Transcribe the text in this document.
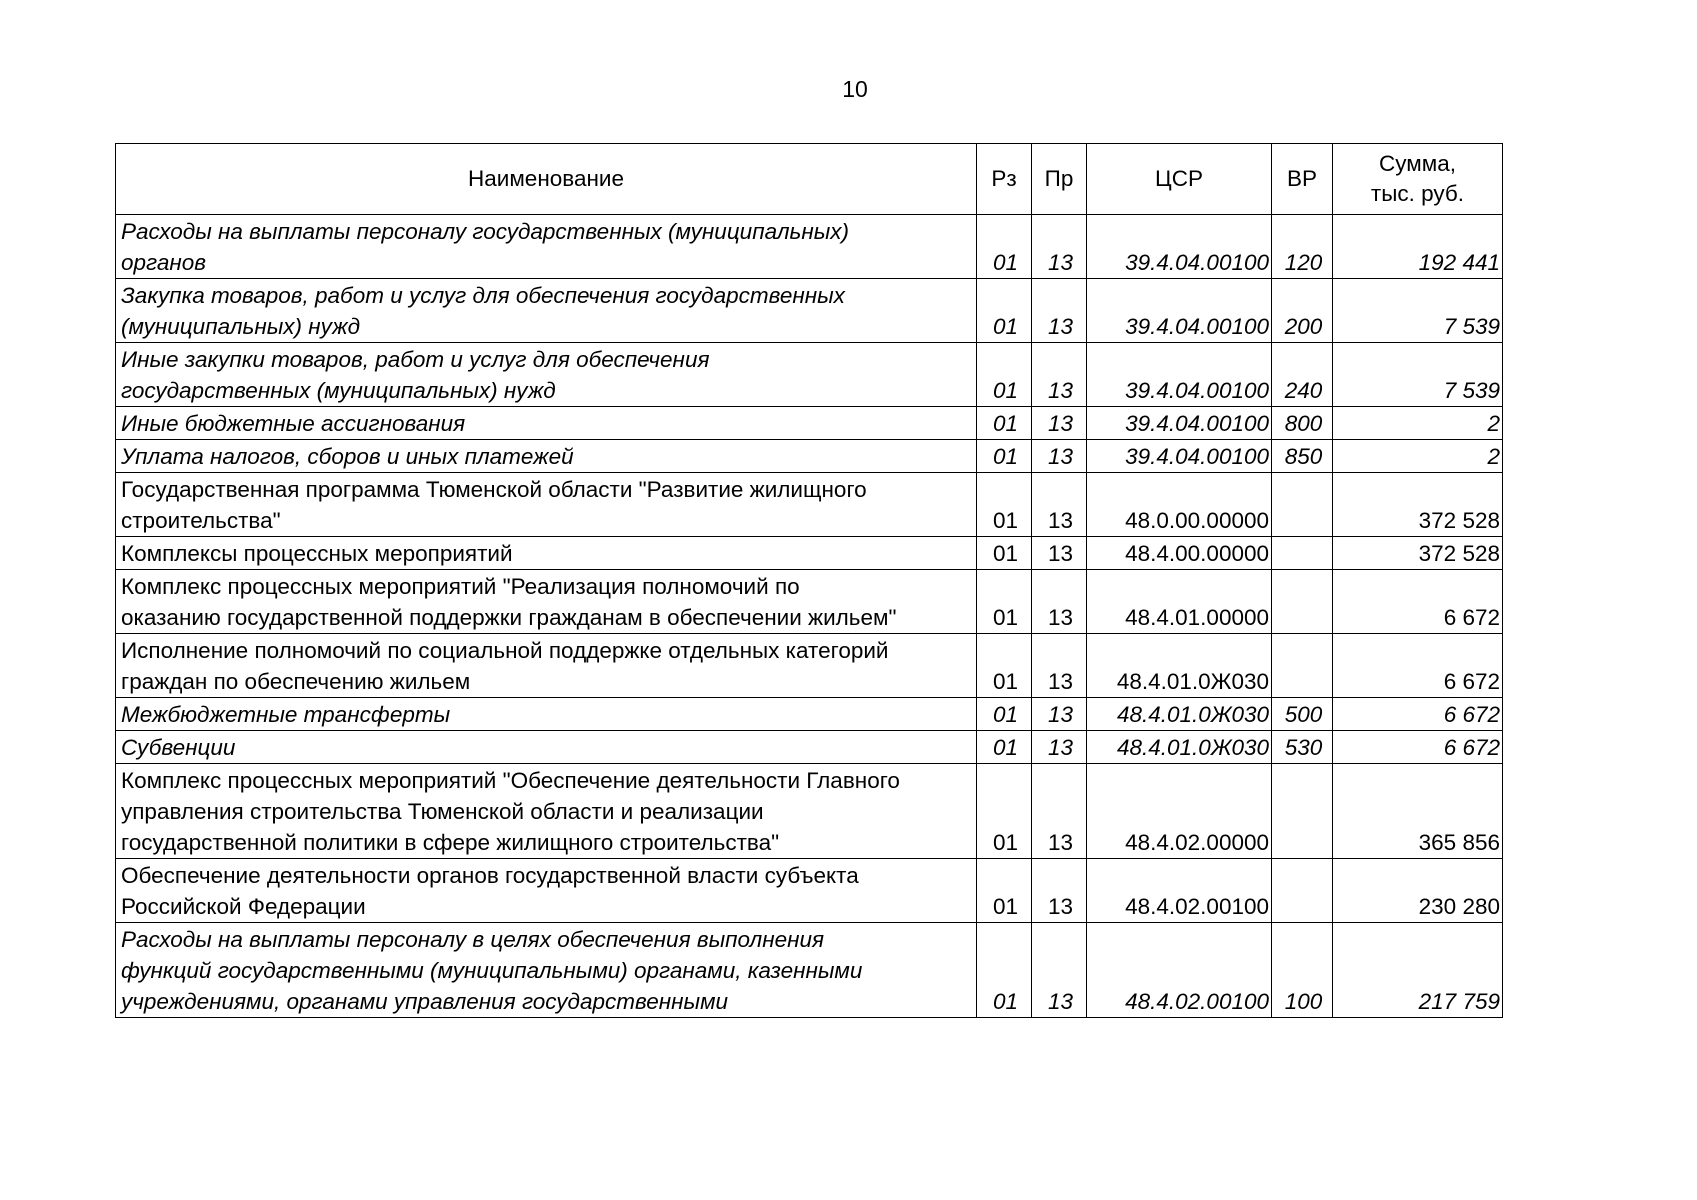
10
Наименование	Рз	Пр	ЦСР	ВР	Сумма,
тыс. руб.

Расходы на выплаты персоналу государственных (муниципальных)
органов	01	13	39.4.04.00100	120	192 441

Закупка товаров, работ и услуг для обеспечения государственных
(муниципальных) нужд	01	13	39.4.04.00100	200	7 539

Иные закупки товаров, работ и услуг для обеспечения
государственных (муниципальных) нужд	01	13	39.4.04.00100	240	7 539

Иные бюджетные ассигнования	01	13	39.4.04.00100	800	2

Уплата налогов, сборов и иных платежей	01	13	39.4.04.00100	850	2

Государственная программа Тюменской области "Развитие жилищного
строительства"	01	13	48.0.00.00000		372 528

Комплексы процессных мероприятий	01	13	48.4.00.00000		372 528

Комплекс процессных мероприятий "Реализация полномочий по
оказанию государственной поддержки гражданам в обеспечении жильем"	01	13	48.4.01.00000		6 672

Исполнение полномочий по социальной поддержке отдельных категорий
граждан по обеспечению жильем	01	13	48.4.01.0Ж030		6 672

Межбюджетные трансферты	01	13	48.4.01.0Ж030	500	6 672

Субвенции	01	13	48.4.01.0Ж030	530	6 672

Комплекс процессных мероприятий "Обеспечение деятельности Главного
управления строительства Тюменской области и реализации
государственной политики в сфере жилищного строительства"	01	13	48.4.02.00000		365 856

Обеспечение деятельности органов государственной власти субъекта
Российской Федерации	01	13	48.4.02.00100		230 280

Расходы на выплаты персоналу в целях обеспечения выполнения
функций государственными (муниципальными) органами, казенными
учреждениями, органами управления государственными	01	13	48.4.02.00100	100	217 759
